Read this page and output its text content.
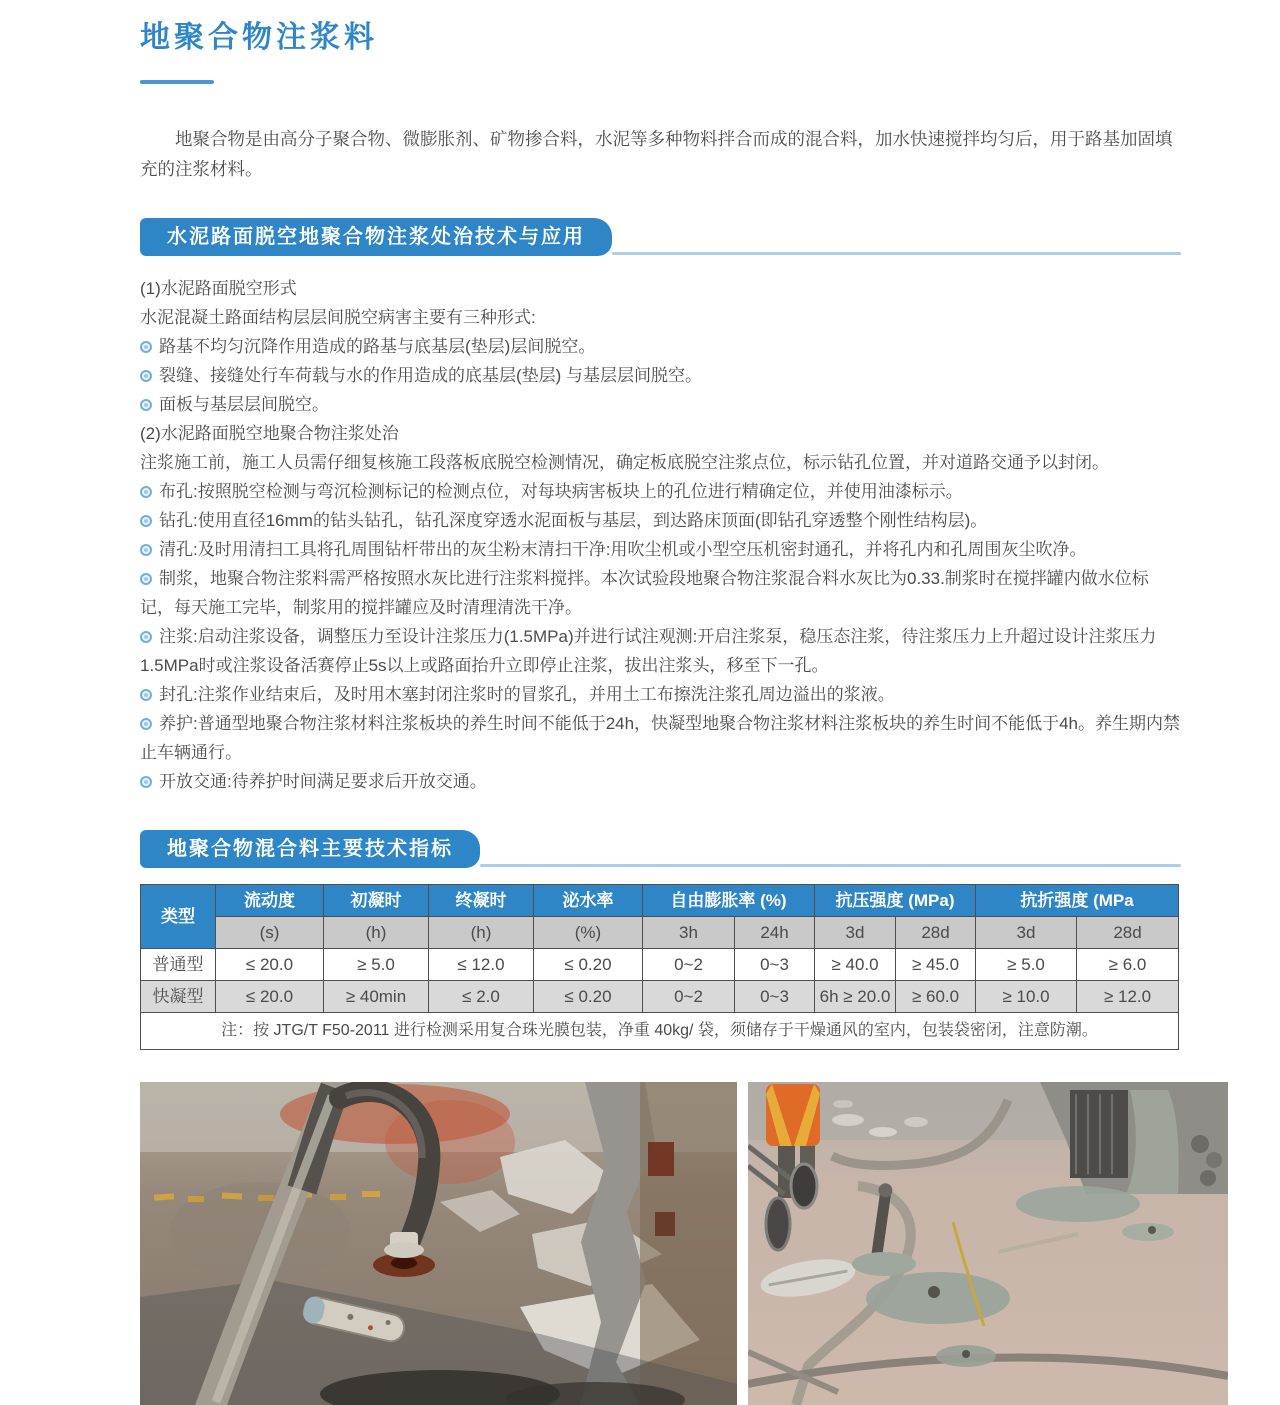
地聚合物注浆料

地聚合物是由高分子聚合物、微膨胀剂、矿物掺合料，水泥等多种物料拌合而成的混合料，加水快速搅拌均匀后，用于路基加固填充的注浆材料。

水泥路面脱空地聚合物注浆处治技术与应用

(1)水泥路面脱空形式

水泥混凝土路面结构层层间脱空病害主要有三种形式:

路基不均匀沉降作用造成的路基与底基层(垫层)层间脱空。

裂缝、接缝处行车荷载与水的作用造成的底基层(垫层) 与基层层间脱空。

面板与基层层间脱空。

(2)水泥路面脱空地聚合物注浆处治

注浆施工前，施工人员需仔细复核施工段落板底脱空检测情况，确定板底脱空注浆点位，标示钻孔位置，并对道路交通予以封闭。

布孔:按照脱空检测与弯沉检测标记的检测点位，对每块病害板块上的孔位进行精确定位，并使用油漆标示。

钻孔:使用直径16mm的钻头钻孔，钻孔深度穿透水泥面板与基层，到达路床顶面(即钻孔穿透整个刚性结构层)。

清孔:及时用清扫工具将孔周围钻杆带出的灰尘粉末清扫干净:用吹尘机或小型空压机密封通孔，并将孔内和孔周围灰尘吹净。

制浆，地聚合物注浆料需严格按照水灰比进行注浆料搅拌。本次试验段地聚合物注浆混合料水灰比为0.33.制浆时在搅拌罐内做水位标记，每天施工完毕，制浆用的搅拌罐应及时清理清洗干净。

注浆:启动注浆设备，调整压力至设计注浆压力(1.5MPa)并进行试注观测:开启注浆泵，稳压态注浆，待注浆压力上升超过设计注浆压力1.5MPa时或注浆设备活赛停止5s以上或路面抬升立即停止注浆，拔出注浆头，移至下一孔。

封孔:注浆作业结束后，及时用木塞封闭注浆时的冒浆孔，并用土工布擦洗注浆孔周边溢出的浆液。

养护:普通型地聚合物注浆材料注浆板块的养生时间不能低于24h，快凝型地聚合物注浆材料注浆板块的养生时间不能低于4h。养生期内禁止车辆通行。

开放交通:待养护时间满足要求后开放交通。

地聚合物混合料主要技术指标
类型	流动度	初凝时	终凝时	泌水率	自由膨胀率 (%)		抗压强度 (MPa)		抗折强度 (MPa	
	(s)	(h)	(h)	(%)	3h	24h	3d	28d	3d	28d
普通型	≤ 20.0	≥ 5.0	≤ 12.0	≤ 0.20	0~2	0~3	≥ 40.0	≥ 45.0	≥ 5.0	≥ 6.0
快凝型	≤ 20.0	≥ 40min	≤ 2.0	≤ 0.20	0~2	0~3	6h ≥ 20.0	≥ 60.0	≥ 10.0	≥ 12.0
注：按 JTG/T F50-2011 进行检测采用复合珠光膜包装，净重 40kg/ 袋，须储存于干燥通风的室内，包装袋密闭，注意防潮。										
